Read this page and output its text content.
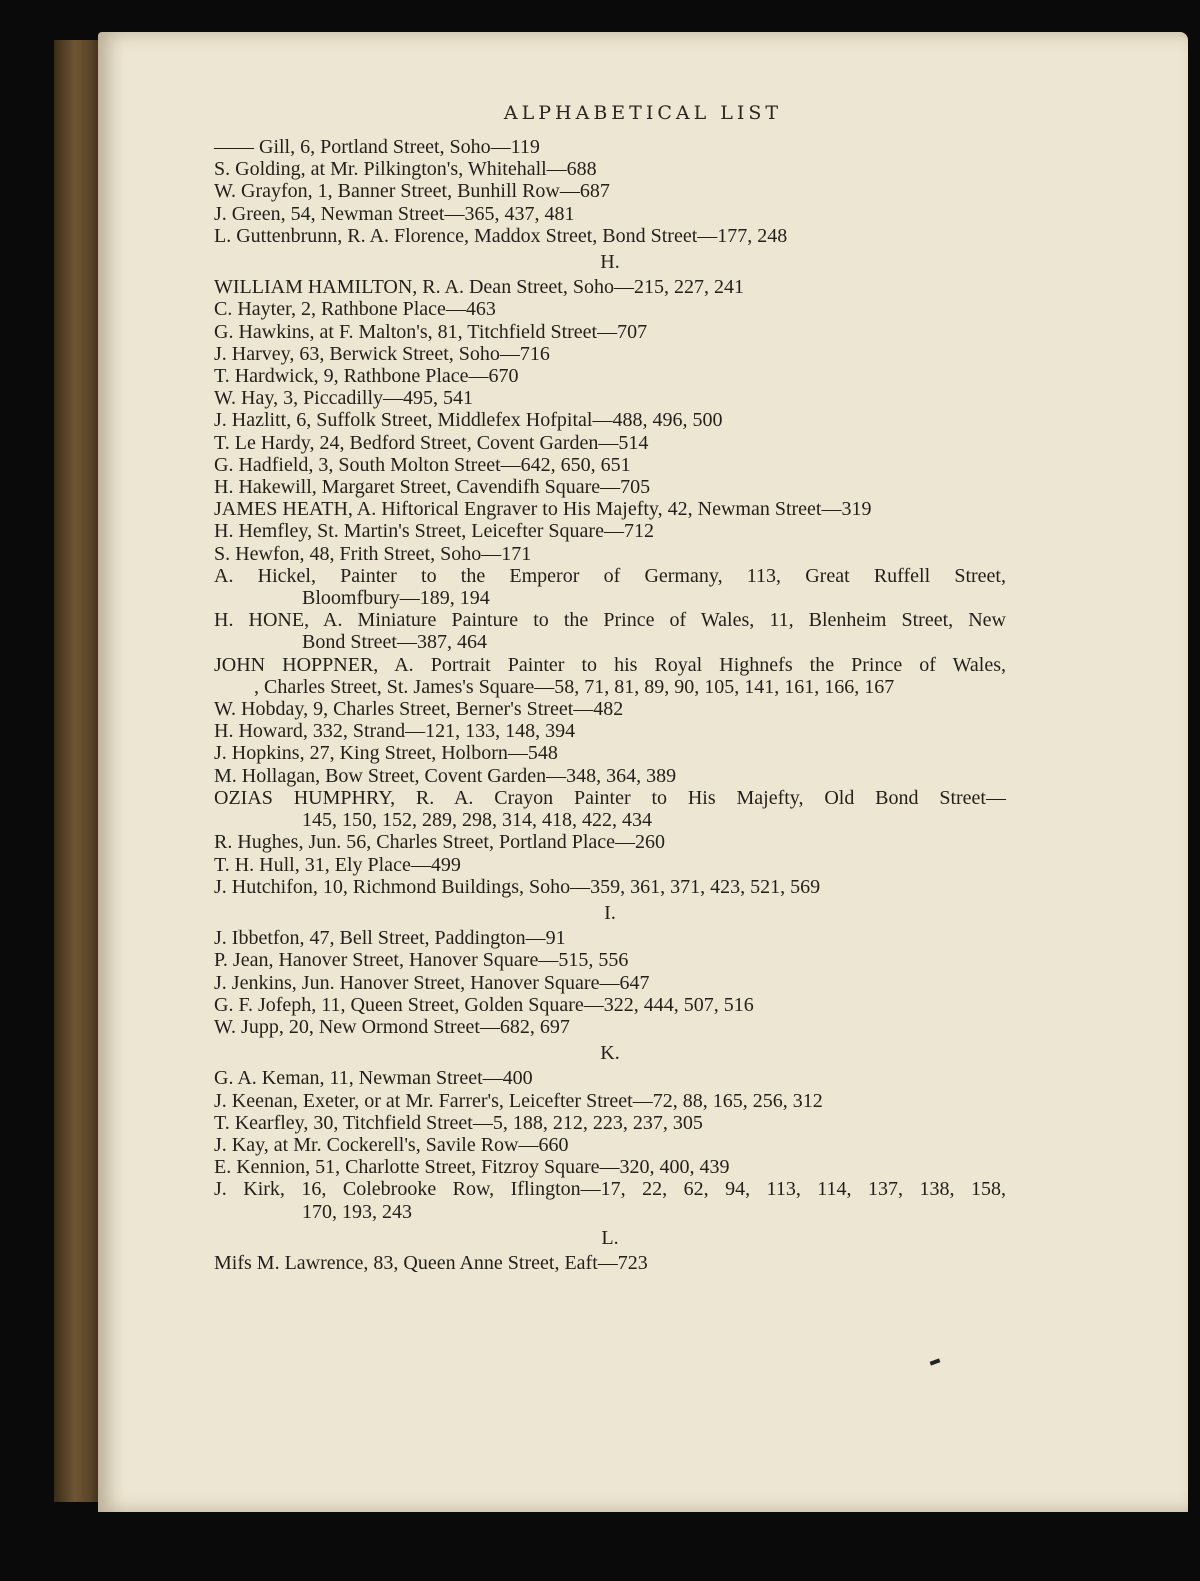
ALPHABETICAL LIST
—— Gill, 6, Portland Street, Soho—119
S. Golding, at Mr. Pilkington's, Whitehall—688
W. Grayfon, 1, Banner Street, Bunhill Row—687
J. Green, 54, Newman Street—365, 437, 481
L. Guttenbrunn, R. A. Florence, Maddox Street, Bond Street—177, 248
H.
WILLIAM HAMILTON, R. A. Dean Street, Soho—215, 227, 241
C. Hayter, 2, Rathbone Place—463
G. Hawkins, at F. Malton's, 81, Titchfield Street—707
J. Harvey, 63, Berwick Street, Soho—716
T. Hardwick, 9, Rathbone Place—670
W. Hay, 3, Piccadilly—495, 541
J. Hazlitt, 6, Suffolk Street, Middlefex Hofpital—488, 496, 500
T. Le Hardy, 24, Bedford Street, Covent Garden—514
G. Hadfield, 3, South Molton Street—642, 650, 651
H. Hakewill, Margaret Street, Cavendifh Square—705
JAMES HEATH, A. Hiftorical Engraver to His Majefty, 42, Newman Street—319
H. Hemfley, St. Martin's Street, Leicefter Square—712
S. Hewfon, 48, Frith Street, Soho—171
A. Hickel, Painter to the Emperor of Germany, 113, Great Ruffell Street,
Bloomfbury—189, 194
H. HONE, A. Miniature Painture to the Prince of Wales, 11, Blenheim Street, New
Bond Street—387, 464
JOHN HOPPNER, A. Portrait Painter to his Royal Highnefs the Prince of Wales,
, Charles Street, St. James's Square—58, 71, 81, 89, 90, 105, 141, 161, 166, 167
W. Hobday, 9, Charles Street, Berner's Street—482
H. Howard, 332, Strand—121, 133, 148, 394
J. Hopkins, 27, King Street, Holborn—548
M. Hollagan, Bow Street, Covent Garden—348, 364, 389
OZIAS HUMPHRY, R. A. Crayon Painter to His Majefty, Old Bond Street—
145, 150, 152, 289, 298, 314, 418, 422, 434
R. Hughes, Jun. 56, Charles Street, Portland Place—260
T. H. Hull, 31, Ely Place—499
J. Hutchifon, 10, Richmond Buildings, Soho—359, 361, 371, 423, 521, 569
I.
J. Ibbetfon, 47, Bell Street, Paddington—91
P. Jean, Hanover Street, Hanover Square—515, 556
J. Jenkins, Jun. Hanover Street, Hanover Square—647
G. F. Jofeph, 11, Queen Street, Golden Square—322, 444, 507, 516
W. Jupp, 20, New Ormond Street—682, 697
K.
G. A. Keman, 11, Newman Street—400
J. Keenan, Exeter, or at Mr. Farrer's, Leicefter Street—72, 88, 165, 256, 312
T. Kearfley, 30, Titchfield Street—5, 188, 212, 223, 237, 305
J. Kay, at Mr. Cockerell's, Savile Row—660
E. Kennion, 51, Charlotte Street, Fitzroy Square—320, 400, 439
J. Kirk, 16, Colebrooke Row, Iflington—17, 22, 62, 94, 113, 114, 137, 138, 158,
170, 193, 243
L.
Mifs M. Lawrence, 83, Queen Anne Street, Eaft—723
